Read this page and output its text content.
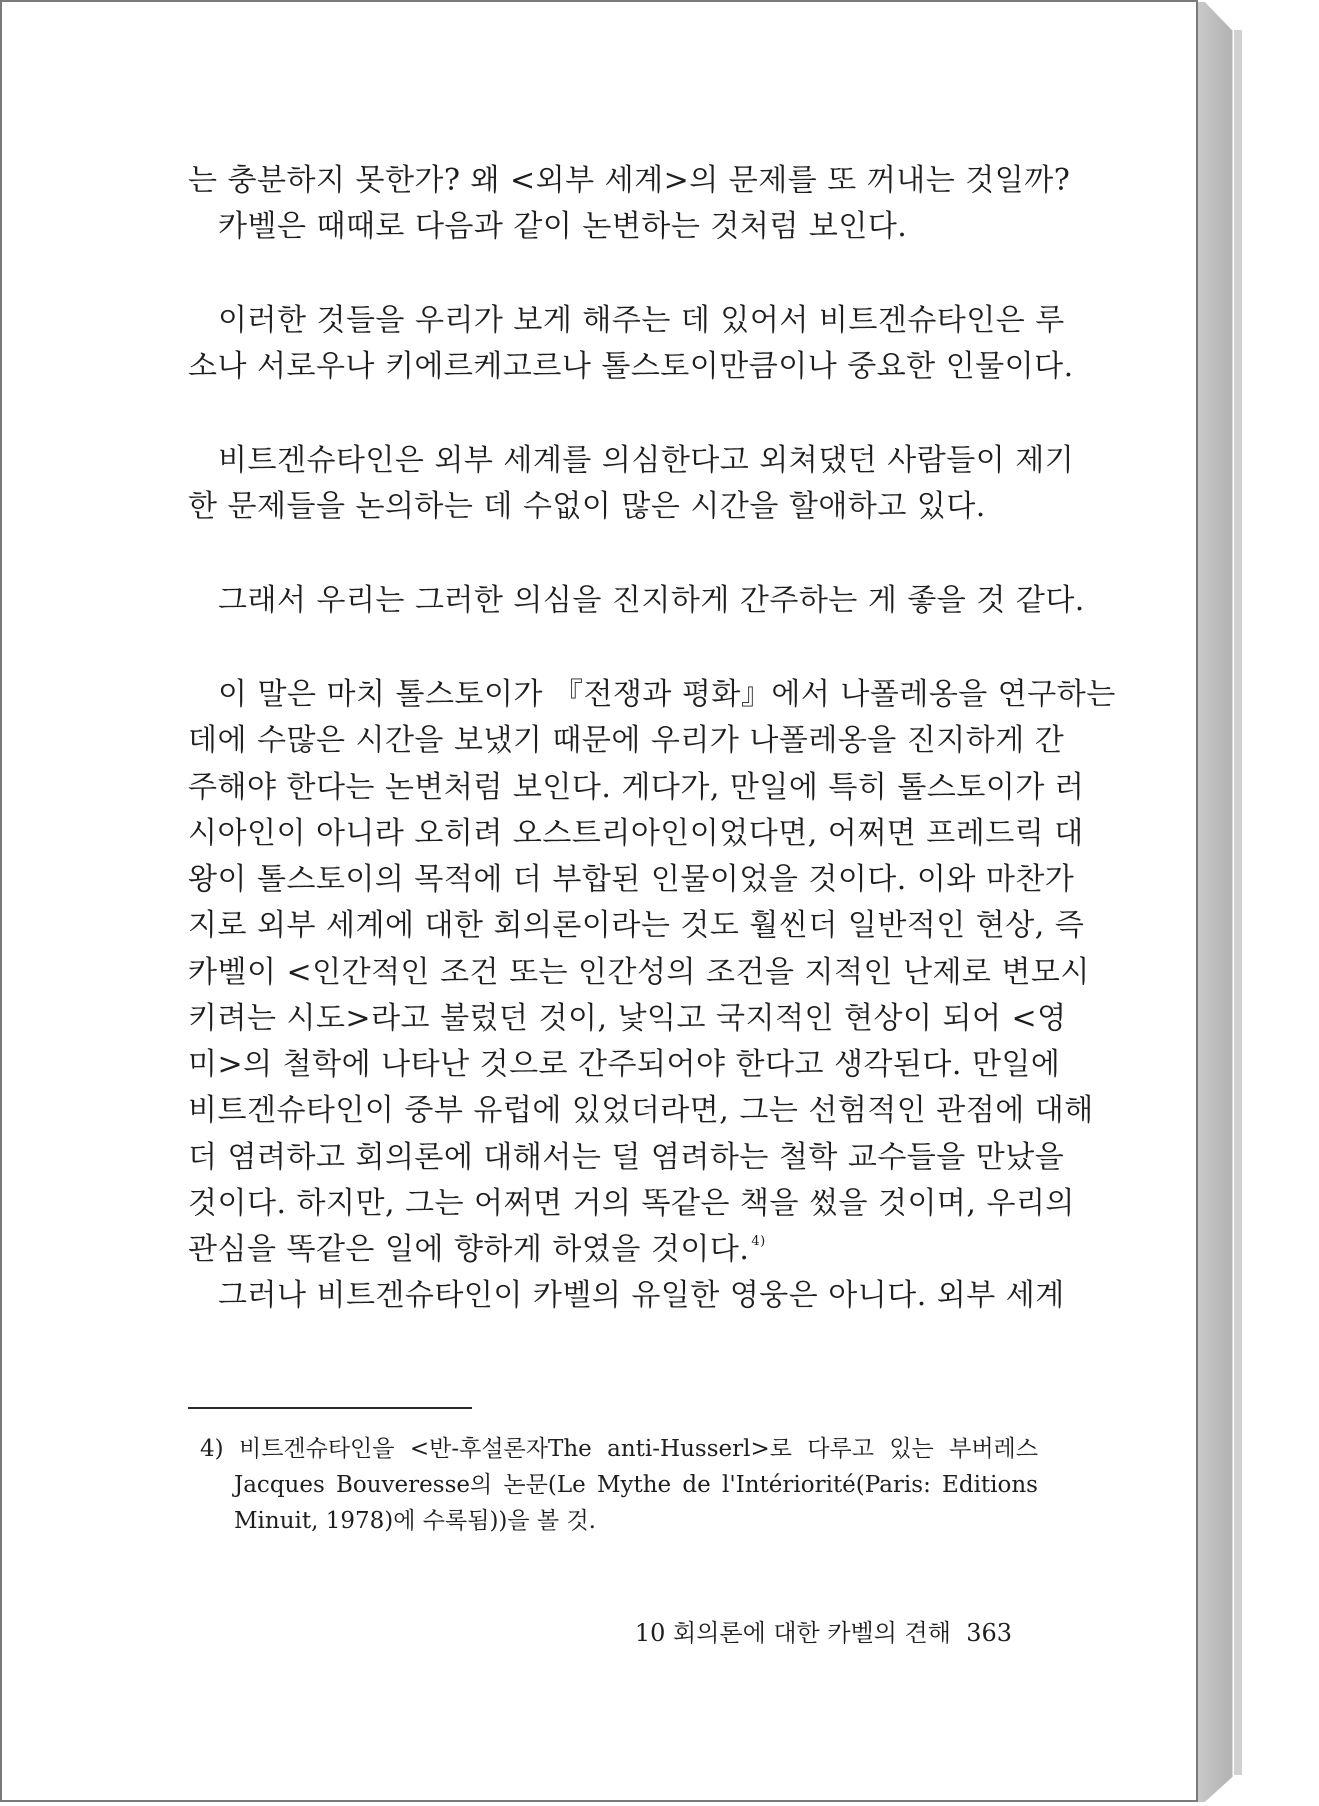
는 충분하지 못한가? 왜 <외부 세계>의 문제를 또 꺼내는 것일까?
카벨은 때때로 다음과 같이 논변하는 것처럼 보인다.
이러한 것들을 우리가 보게 해주는 데 있어서 비트겐슈타인은 루
소나 서로우나 키에르케고르나 톨스토이만큼이나 중요한 인물이다.
비트겐슈타인은 외부 세계를 의심한다고 외쳐댔던 사람들이 제기
한 문제들을 논의하는 데 수없이 많은 시간을 할애하고 있다.
그래서 우리는 그러한 의심을 진지하게 간주하는 게 좋을 것 같다.
이 말은 마치 톨스토이가 『전쟁과 평화』에서 나폴레옹을 연구하는
데에 수많은 시간을 보냈기 때문에 우리가 나폴레옹을 진지하게 간
주해야 한다는 논변처럼 보인다. 게다가, 만일에 특히 톨스토이가 러
시아인이 아니라 오히려 오스트리아인이었다면, 어쩌면 프레드릭 대
왕이 톨스토이의 목적에 더 부합된 인물이었을 것이다. 이와 마찬가
지로 외부 세계에 대한 회의론이라는 것도 훨씬더 일반적인 현상, 즉
카벨이 <인간적인 조건 또는 인간성의 조건을 지적인 난제로 변모시
키려는 시도>라고 불렀던 것이, 낯익고 국지적인 현상이 되어 <영
미>의 철학에 나타난 것으로 간주되어야 한다고 생각된다. 만일에
비트겐슈타인이 중부 유럽에 있었더라면, 그는 선험적인 관점에 대해
더 염려하고 회의론에 대해서는 덜 염려하는 철학 교수들을 만났을
것이다. 하지만, 그는 어쩌면 거의 똑같은 책을 썼을 것이며, 우리의
관심을 똑같은 일에 향하게 하였을 것이다. $^{4)}$
그러나 비트겐슈타인이 카벨의 유일한 영웅은 아니다. 외부 세계
4) 비트겐슈타인을 <반-후설론자The anti-Husserl>로 다루고 있는 부버레스
Jacques Bouveresse의 논문(Le Mythe de l'Intériorité(Paris: Editions
Minuit, 1978)에 수록됨))을 볼 것.
10 회의론에 대한 카벨의 견해 363
